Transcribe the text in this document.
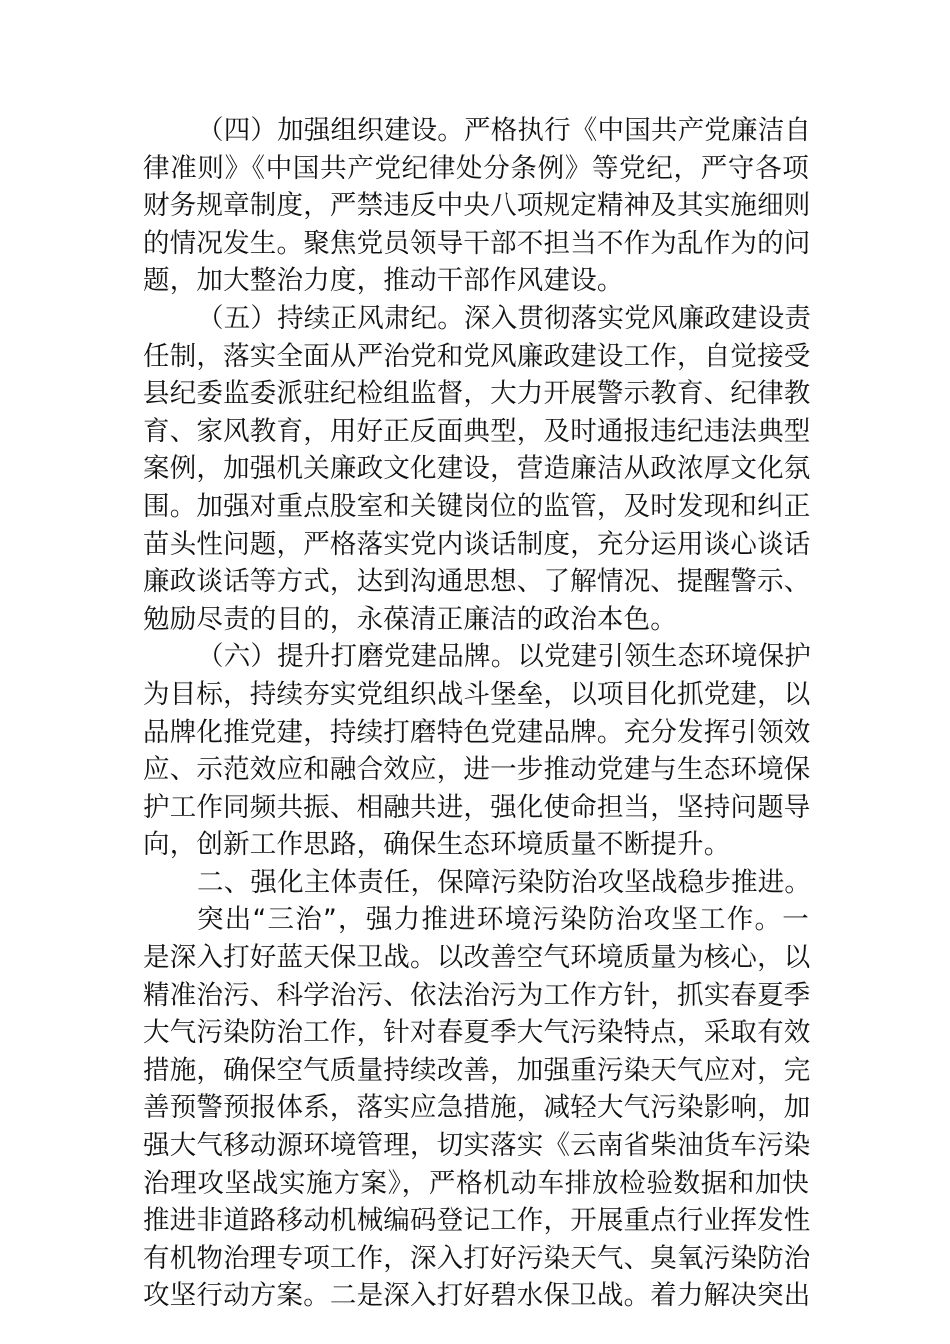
（四）加强组织建设。严格执行《中国共产党廉洁自
律准则》《中国共产党纪律处分条例》等党纪，严守各项
财务规章制度，严禁违反中央八项规定精神及其实施细则
的情况发生。聚焦党员领导干部不担当不作为乱作为的问
题，加大整治力度，推动干部作风建设。
（五）持续正风肃纪。深入贯彻落实党风廉政建设责
任制，落实全面从严治党和党风廉政建设工作，自觉接受
县纪委监委派驻纪检组监督，大力开展警示教育、纪律教
育、家风教育，用好正反面典型，及时通报违纪违法典型
案例，加强机关廉政文化建设，营造廉洁从政浓厚文化氛
围。加强对重点股室和关键岗位的监管，及时发现和纠正
苗头性问题，严格落实党内谈话制度，充分运用谈心谈话
廉政谈话等方式，达到沟通思想、了解情况、提醒警示、
勉励尽责的目的，永葆清正廉洁的政治本色。
（六）提升打磨党建品牌。以党建引领生态环境保护
为目标，持续夯实党组织战斗堡垒，以项目化抓党建，以
品牌化推党建，持续打磨特色党建品牌。充分发挥引领效
应、示范效应和融合效应，进一步推动党建与生态环境保
护工作同频共振、相融共进，强化使命担当，坚持问题导
向，创新工作思路，确保生态环境质量不断提升。
二、强化主体责任，保障污染防治攻坚战稳步推进。
突出“三治”，强力推进环境污染防治攻坚工作。一
是深入打好蓝天保卫战。以改善空气环境质量为核心，以
精准治污、科学治污、依法治污为工作方针，抓实春夏季
大气污染防治工作，针对春夏季大气污染特点，采取有效
措施，确保空气质量持续改善，加强重污染天气应对，完
善预警预报体系，落实应急措施，减轻大气污染影响，加
强大气移动源环境管理，切实落实《云南省柴油货车污染
治理攻坚战实施方案》，严格机动车排放检验数据和加快
推进非道路移动机械编码登记工作，开展重点行业挥发性
有机物治理专项工作，深入打好污染天气、臭氧污染防治
攻坚行动方案。二是深入打好碧水保卫战。着力解决突出
